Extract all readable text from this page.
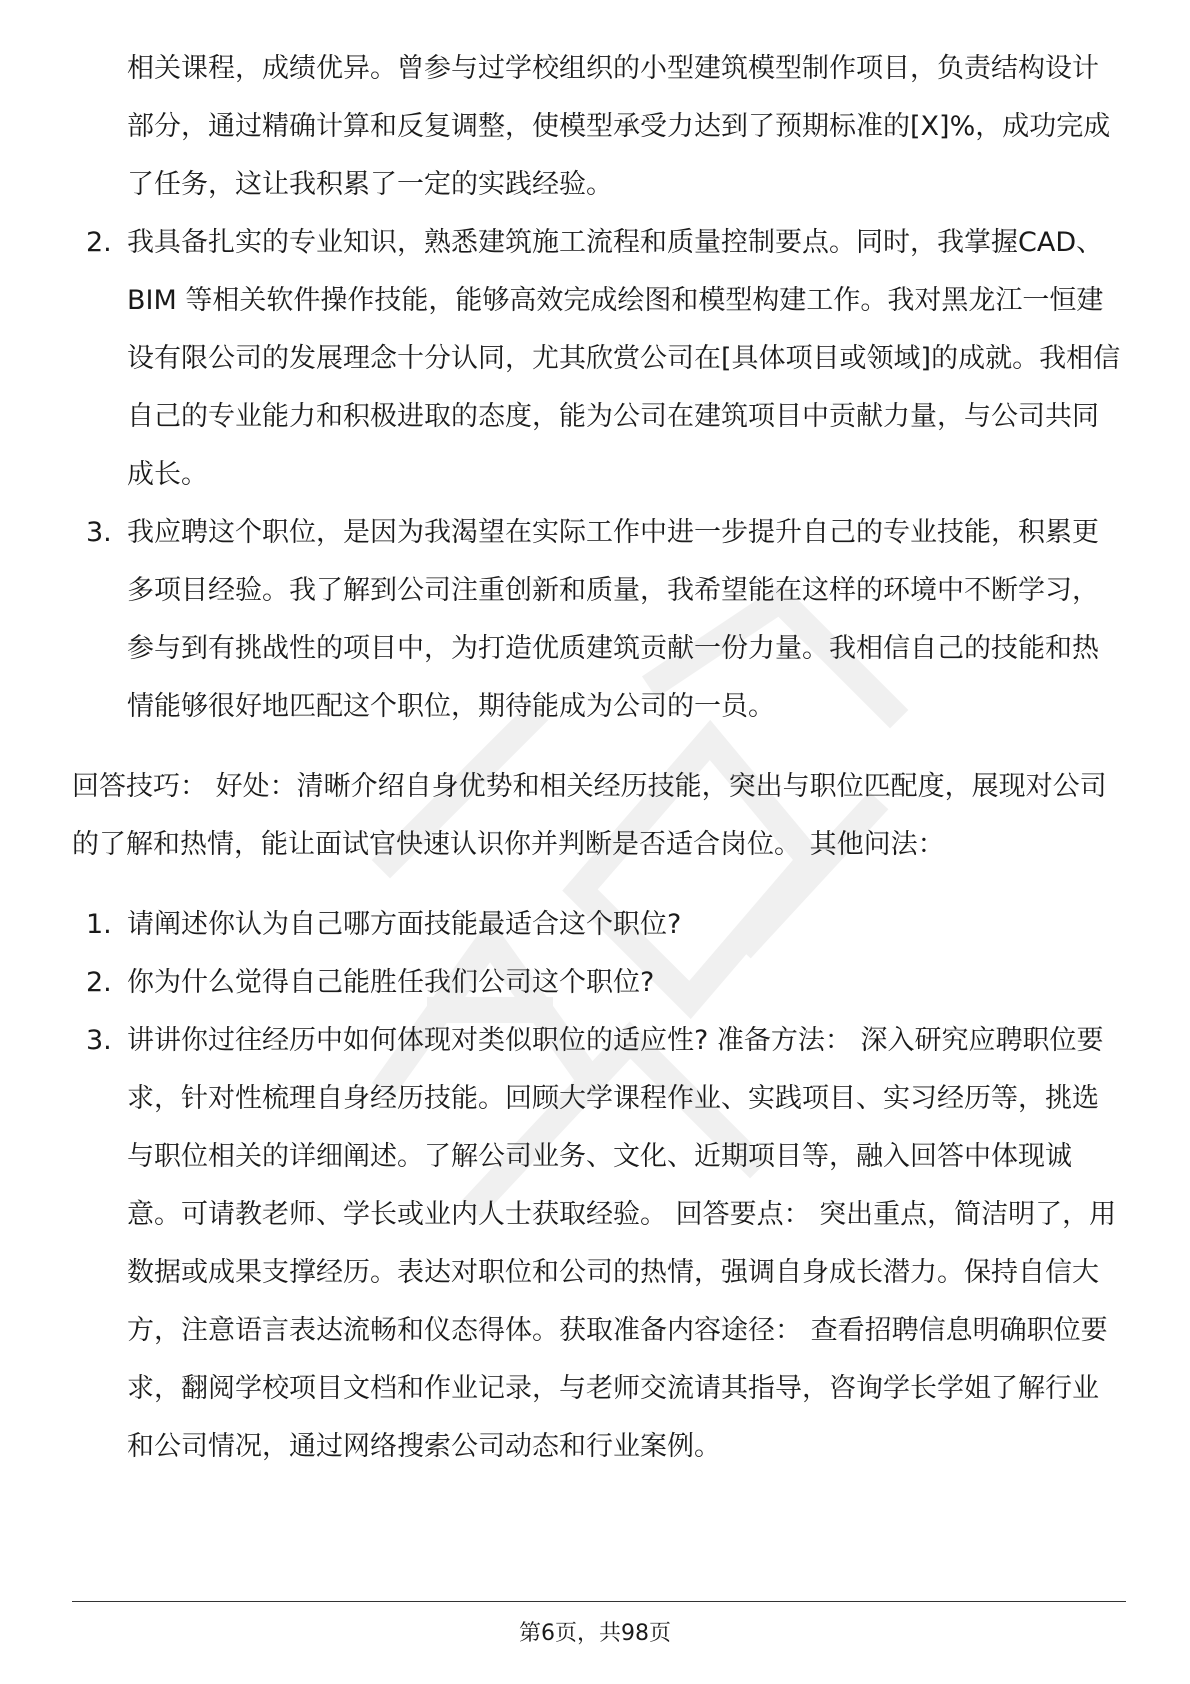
相关课程，成绩优异。曾参与过学校组织的小型建筑模型制作项目，负责结构设计部分，通过精确计算和反复调整，使模型承受力达到了预期标准的[X]%，成功完成了任务，这让我积累了一定的实践经验。
2. 我具备扎实的专业知识，熟悉建筑施工流程和质量控制要点。同时，我掌握CAD、BIM 等相关软件操作技能，能够高效完成绘图和模型构建工作。我对黑龙江一恒建设有限公司的发展理念十分认同，尤其欣赏公司在[具体项目或领域]的成就。我相信自己的专业能力和积极进取的态度，能为公司在建筑项目中贡献力量，与公司共同成长。
3. 我应聘这个职位，是因为我渴望在实际工作中进一步提升自己的专业技能，积累更多项目经验。我了解到公司注重创新和质量，我希望能在这样的环境中不断学习，参与到有挑战性的项目中，为打造优质建筑贡献一份力量。我相信自己的技能和热情能够很好地匹配这个职位，期待能成为公司的一员。

回答技巧： 好处：清晰介绍自身优势和相关经历技能，突出与职位匹配度，展现对公司的了解和热情，能让面试官快速认识你并判断是否适合岗位。 其他问法：

1. 请阐述你认为自己哪方面技能最适合这个职位?
2. 你为什么觉得自己能胜任我们公司这个职位?
3. 讲讲你过往经历中如何体现对类似职位的适应性? 准备方法： 深入研究应聘职位要求，针对性梳理自身经历技能。回顾大学课程作业、实践项目、实习经历等，挑选与职位相关的详细阐述。了解公司业务、文化、近期项目等，融入回答中体现诚意。可请教老师、学长或业内人士获取经验。 回答要点： 突出重点，简洁明了，用数据或成果支撑经历。表达对职位和公司的热情，强调自身成长潜力。保持自信大方，注意语言表达流畅和仪态得体。获取准备内容途径： 查看招聘信息明确职位要求，翻阅学校项目文档和作业记录，与老师交流请其指导，咨询学长学姐了解行业和公司情况，通过网络搜索公司动态和行业案例。
第6页，共98页
